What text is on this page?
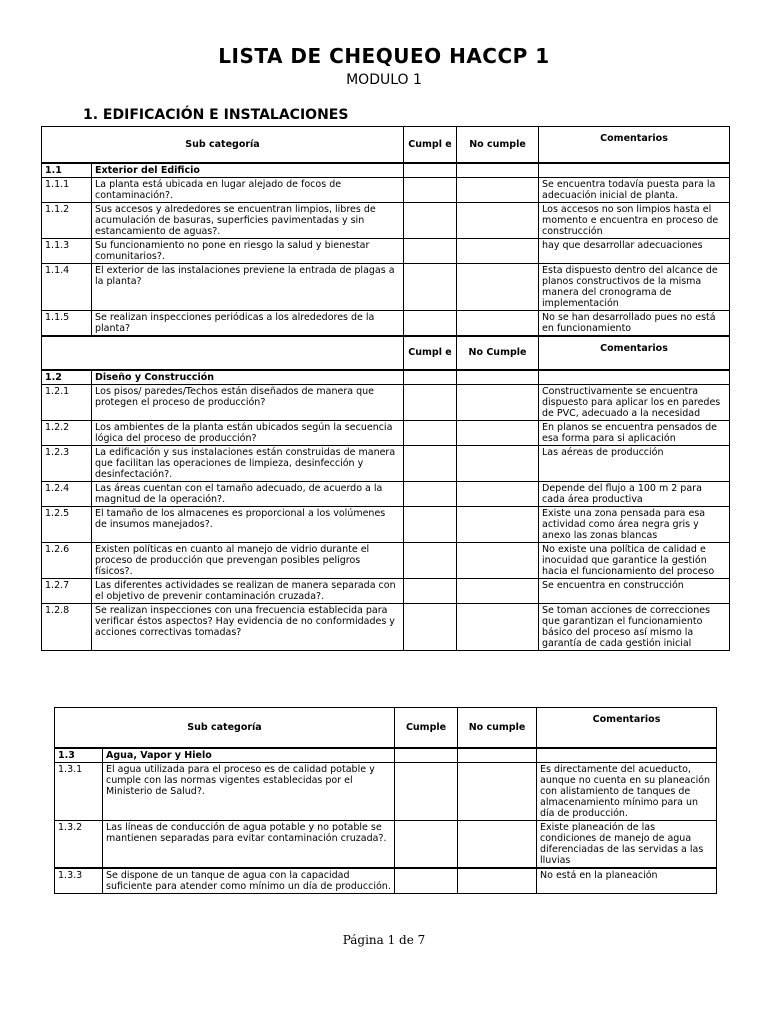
LISTA DE CHEQUEO HACCP 1
MODULO 1
1. EDIFICACIÓN E INSTALACIONES
Sub categoría		Cumpl e	No cumple	Comentarios
1.1	Exterior del Edificio			
1.1.1	La planta está ubicada en lugar alejado de focos de contaminación?.			Se encuentra todavía puesta para la adecuación inicial de planta.
1.1.2	Sus accesos y alrededores se encuentran limpios, libres de acumulación de basuras, superficies pavimentadas y sin estancamiento de aguas?.			Los accesos no son limpios hasta el momento e encuentra en proceso de construcción
1.1.3	Su funcionamiento no pone en riesgo la salud y bienestar comunitarios?.			hay que desarrollar adecuaciones
1.1.4	El exterior de las instalaciones previene la entrada de plagas a la planta?			Esta dispuesto dentro del alcance de planos constructivos de la misma manera del cronograma de implementación
1.1.5	Se realizan inspecciones periódicas a los alrededores de la planta?			No se han desarrollado pues no está en funcionamiento
		Cumpl e	No Cumple	Comentarios
1.2	Diseño y Construcción			
1.2.1	Los pisos/ paredes/Techos están diseñados de manera que protegen el proceso de producción?			Constructivamente se encuentra dispuesto para aplicar los en paredes de PVC, adecuado a la necesidad
1.2.2	Los ambientes de la planta están ubicados según la secuencia lógica del proceso de producción?			En planos se encuentra pensados de esa forma para si aplicación
1.2.3	La edificación y sus instalaciones están construidas de manera que facilitan las operaciones de limpieza, desinfección y desinfectación?.			Las aéreas de producción
1.2.4	Las áreas cuentan con el tamaño adecuado, de acuerdo a la magnitud de la operación?.			Depende del flujo a 100 m 2 para cada área productiva
1.2.5	El tamaño de los almacenes es proporcional a los volúmenes de insumos manejados?.			Existe una zona pensada para esa actividad como área negra gris y anexo las zonas blancas
1.2.6	Existen políticas en cuanto al manejo de vidrio durante el proceso de producción que prevengan posibles peligros físicos?.			No existe una política de calidad e inocuidad que garantice la gestión hacia el funcionamiento del proceso
1.2.7	Las diferentes actividades se realizan de manera separada con el objetivo de prevenir contaminación cruzada?.			Se encuentra en construcción
1.2.8	Se realizan inspecciones con una frecuencia establecida para verificar éstos aspectos? Hay evidencia de no conformidades y acciones correctivas tomadas?			Se toman acciones de correcciones que garantizan el funcionamiento básico del proceso así mismo la garantía de cada gestión inicial
Sub categoría		Cumple	No cumple	Comentarios
1.3	Agua, Vapor y Hielo			
1.3.1	El agua utilizada para el proceso es de calidad potable y cumple con las normas vigentes establecidas por el Ministerio de Salud?.			Es directamente del acueducto, aunque no cuenta en su planeación con alistamiento de tanques de almacenamiento mínimo para un día de producción.
1.3.2	Las líneas de conducción de agua potable y no potable se mantienen separadas para evitar contaminación cruzada?.			Existe planeación de las condiciones de manejo de agua diferenciadas de las servidas a las lluvias
1.3.3	Se dispone de un tanque de agua con la capacidad suficiente para atender como mínimo un día de producción.			No está en la planeación
Página 1 de 7
